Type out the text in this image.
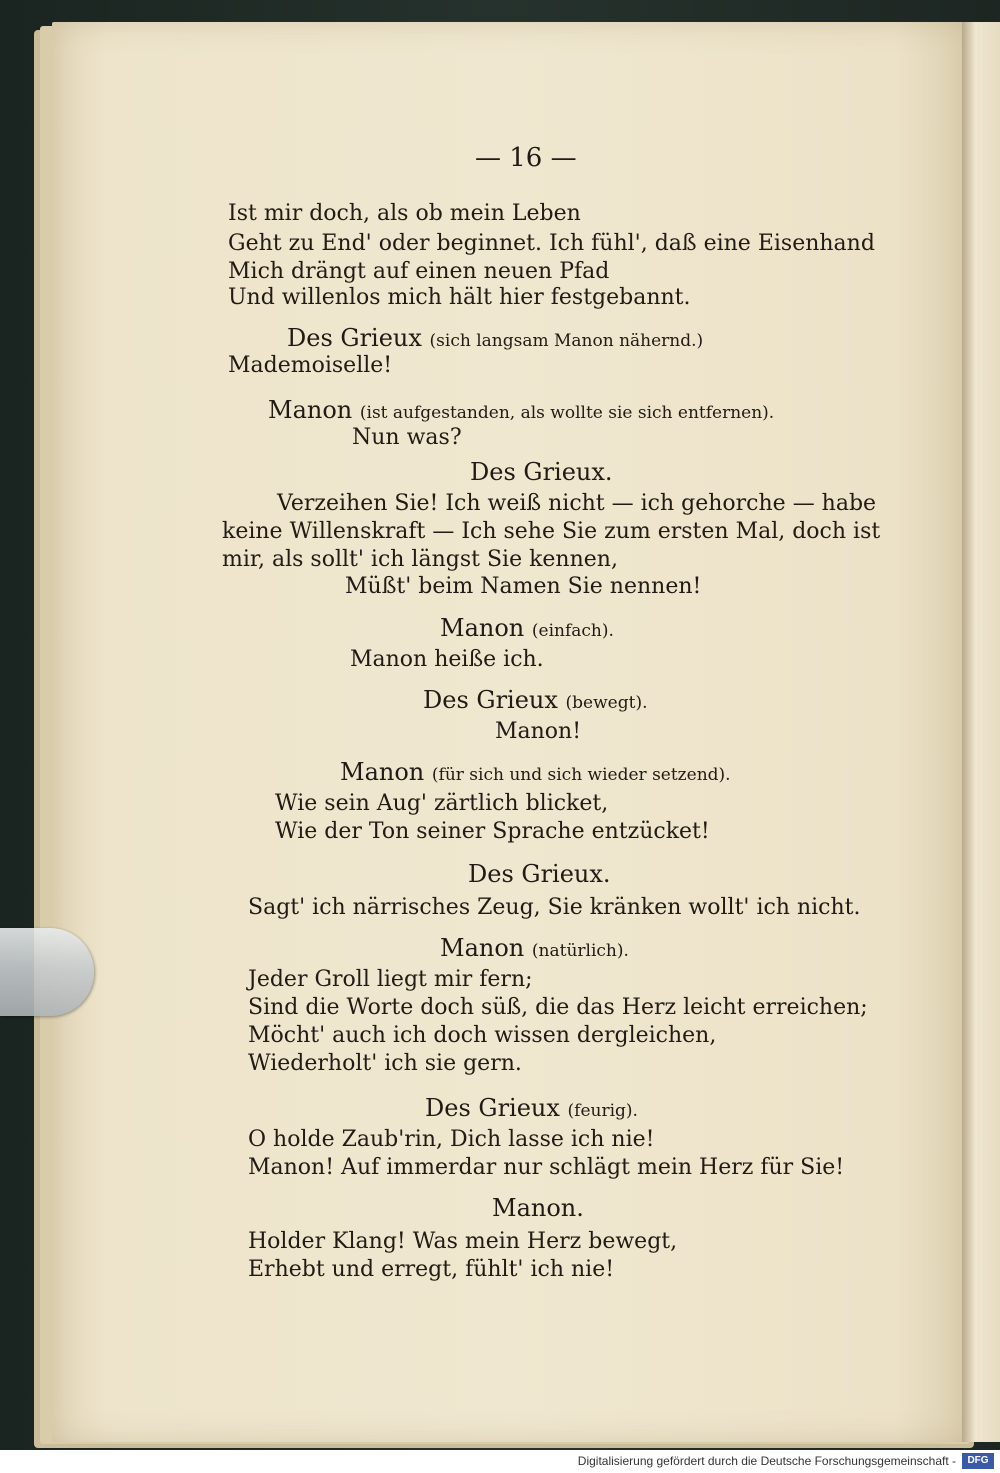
— 16 —
Ist mir doch, als ob mein Leben
Geht zu End' oder beginnet. Ich fühl', daß eine Eisenhand
Mich drängt auf einen neuen Pfad
Und willenlos mich hält hier festgebannt.
Des Grieux (sich langsam Manon nähernd.)
Mademoiselle!
Manon (ist aufgestanden, als wollte sie sich entfernen).
Nun was?
Des Grieux.
Verzeihen Sie! Ich weiß nicht — ich gehorche — habe
keine Willenskraft — Ich sehe Sie zum ersten Mal, doch ist
mir, als sollt' ich längst Sie kennen,
Müßt' beim Namen Sie nennen!
Manon (einfach).
Manon heiße ich.
Des Grieux (bewegt).
Manon!
Manon (für sich und sich wieder setzend).
Wie sein Aug' zärtlich blicket,
Wie der Ton seiner Sprache entzücket!
Des Grieux.
Sagt' ich närrisches Zeug, Sie kränken wollt' ich nicht.
Manon (natürlich).
Jeder Groll liegt mir fern;
Sind die Worte doch süß, die das Herz leicht erreichen;
Möcht' auch ich doch wissen dergleichen,
Wiederholt' ich sie gern.
Des Grieux (feurig).
O holde Zaub'rin, Dich lasse ich nie!
Manon! Auf immerdar nur schlägt mein Herz für Sie!
Manon.
Holder Klang! Was mein Herz bewegt,
Erhebt und erregt, fühlt' ich nie!
Digitalisierung gefördert durch die Deutsche Forschungsgemeinschaft -	DFG
